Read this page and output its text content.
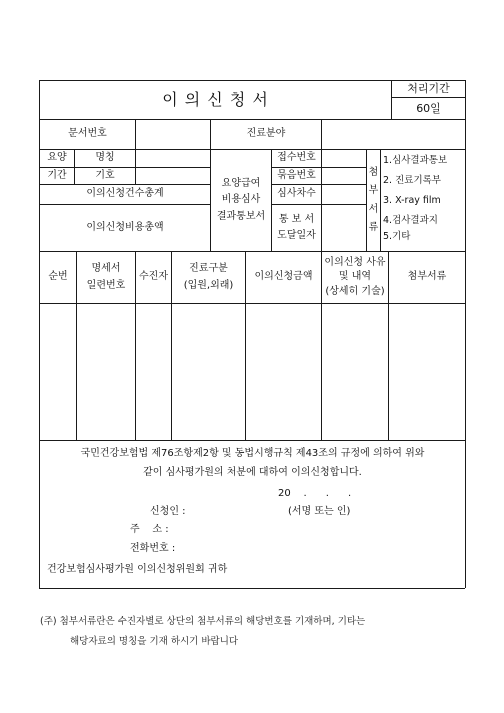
이 의 신 청 서
처리기간
60일
문서번호	진료분야
요양
기간
명칭
기호
이의신청건수총계
이의신청비용총액
요양급여
비용심사
결과통보서
접수번호
묶음번호
심사차수
통 보 서
도달일자
첨
부
서
류
1.심사결과통보
2. 진료기록부
3. X-ray film
4.검사결과지
5.기타
순번
명세서
일련번호
수진자
진료구분
(입원,외래)
이의신청금액
이의신청 사유
및 내역
(상세히 기술)
첨부서류
국민건강보험법 제76조항제2항 및 동법시행규칙 제43조의 규정에 의하여 위와
같이 심사평가원의 처분에 대하여 이의신청합니다.
20    .      .      .
신청인 :	(서명 또는 인)
주    소 :
전화번호 :
건강보험심사평가원 이의신청위원회 귀하
(주) 첨부서류란은 수진자별로 상단의 첨부서류의 해당번호를 기재하며, 기타는
해당자료의 명칭을 기재 하시기 바랍니다
